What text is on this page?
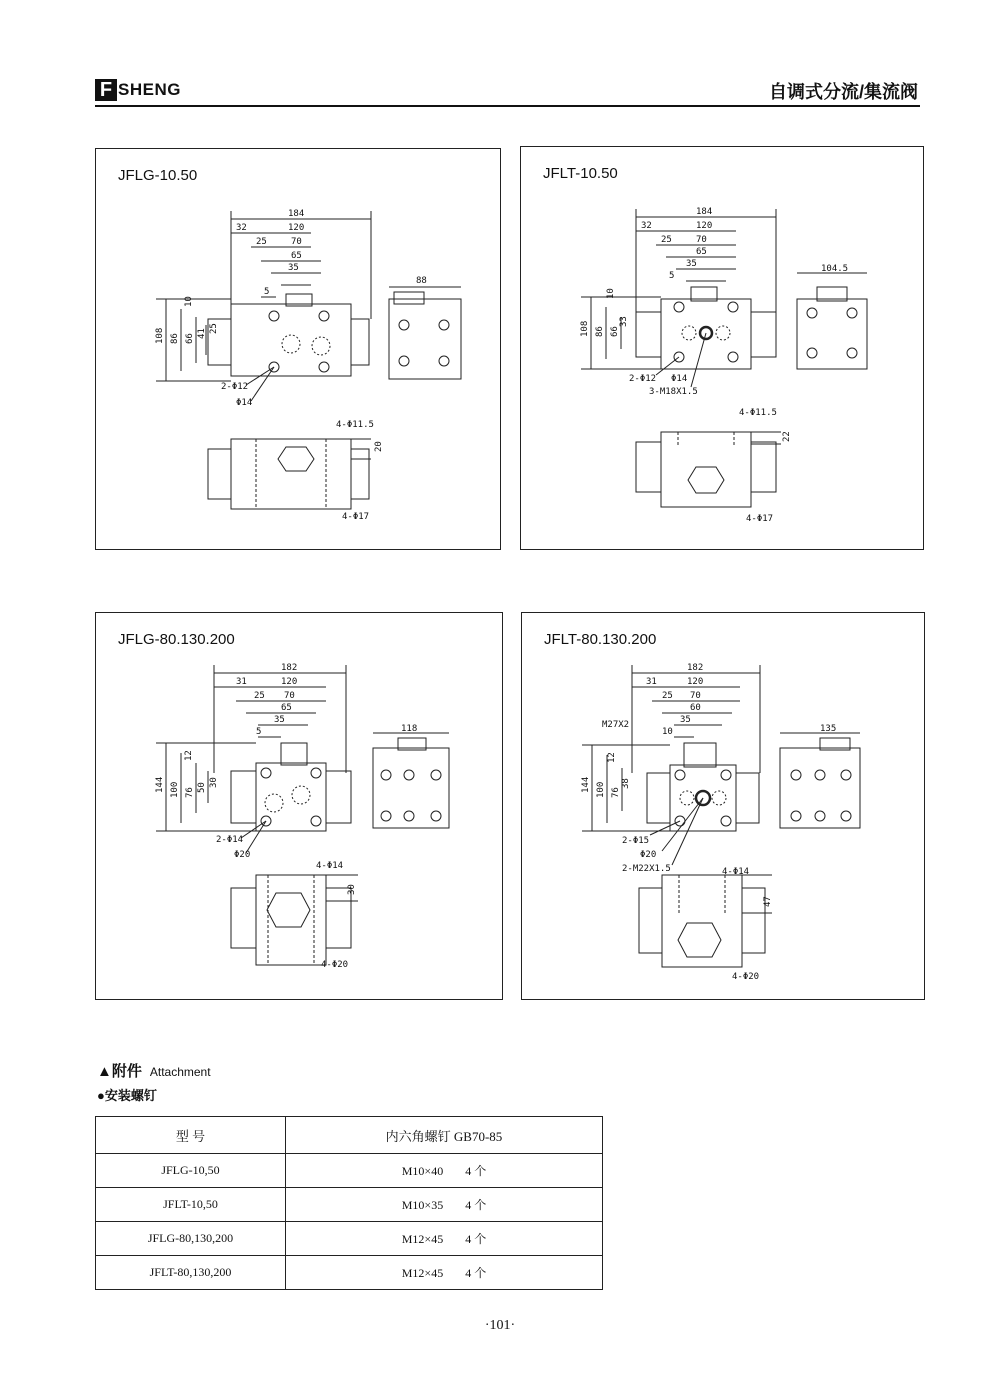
F SHENG	自调式分流/集流阀
JFLG-10.50
184
32	120
25	70
65
35
5
108 86 66 41 25
10
88
2-Φ12
Φ14
4-Φ11.5
20
4-Φ17
JFLT-10.50
184
32	120
25	70
65
35
5
108 86 66
33
10
104.5
2-Φ12 Φ14
3-M18X1.5
4-Φ11.5
22
4-Φ17
JFLG-80.130.200
182
31	120
25 70
65
35
5
144 100 76 50 30
12
118
2-Φ14
Φ20
4-Φ14
30
4-Φ20
JFLT-80.130.200
182
31	120
25 70
60
35
10
144 100 76
38
12
135
M27X2
2-Φ15
Φ20
2-M22X1.5	4-Φ14
47
4-Φ20
▲附件 Attachment
●安装螺钉
型 号	内六角螺钉 GB70-85
JFLG-10,50	M10×40 4 个
JFLT-10,50	M10×35 4 个
JFLG-80,130,200	M12×45 4 个
JFLT-80,130,200	M12×45 4 个
·101·
